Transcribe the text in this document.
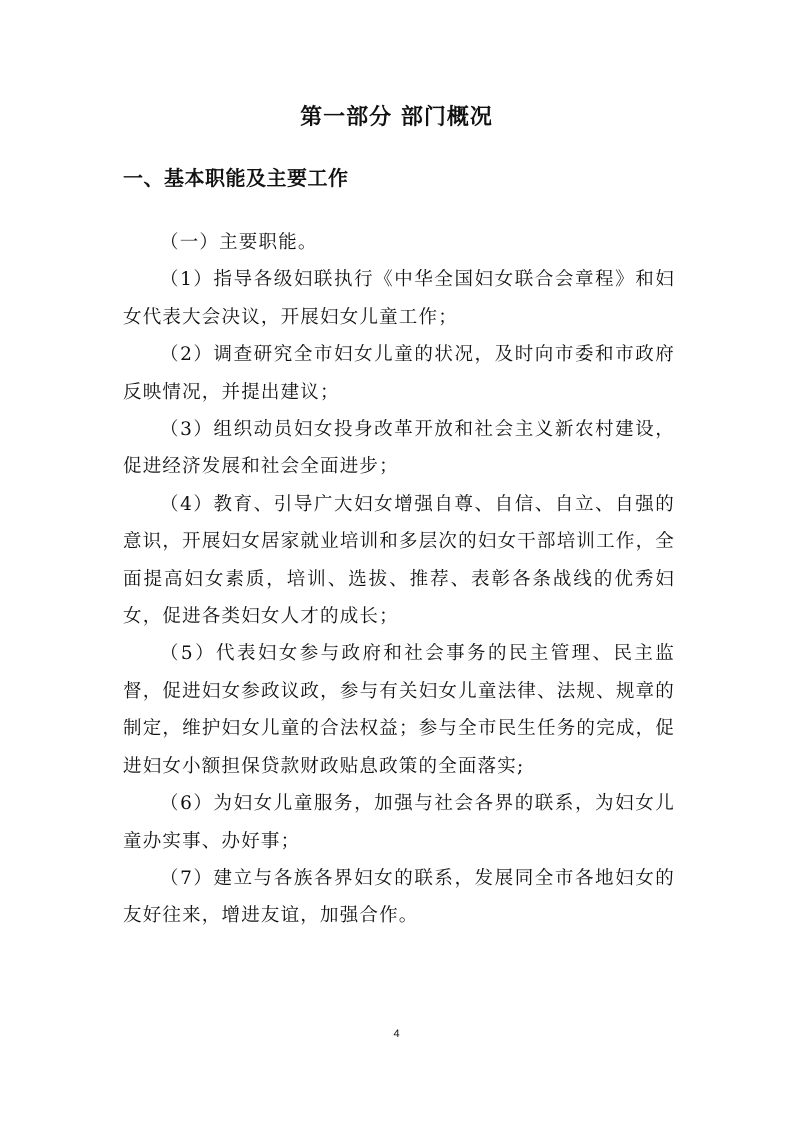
第一部分 部门概况
一、基本职能及主要工作

（一）主要职能。

（1）指导各级妇联执行《中华全国妇女联合会章程》和妇女代表大会决议，开展妇女儿童工作；

（2）调查研究全市妇女儿童的状况，及时向市委和市政府反映情况，并提出建议；

（3）组织动员妇女投身改革开放和社会主义新农村建设，促进经济发展和社会全面进步；

（4）教育、引导广大妇女增强自尊、自信、自立、自强的意识，开展妇女居家就业培训和多层次的妇女干部培训工作，全面提高妇女素质，培训、选拔、推荐、表彰各条战线的优秀妇女，促进各类妇女人才的成长；

（5）代表妇女参与政府和社会事务的民主管理、民主监督，促进妇女参政议政，参与有关妇女儿童法律、法规、规章的制定，维护妇女儿童的合法权益；参与全市民生任务的完成，促进妇女小额担保贷款财政贴息政策的全面落实;

（6）为妇女儿童服务，加强与社会各界的联系，为妇女儿童办实事、办好事；

（7）建立与各族各界妇女的联系，发展同全市各地妇女的友好往来，增进友谊，加强合作。

4
